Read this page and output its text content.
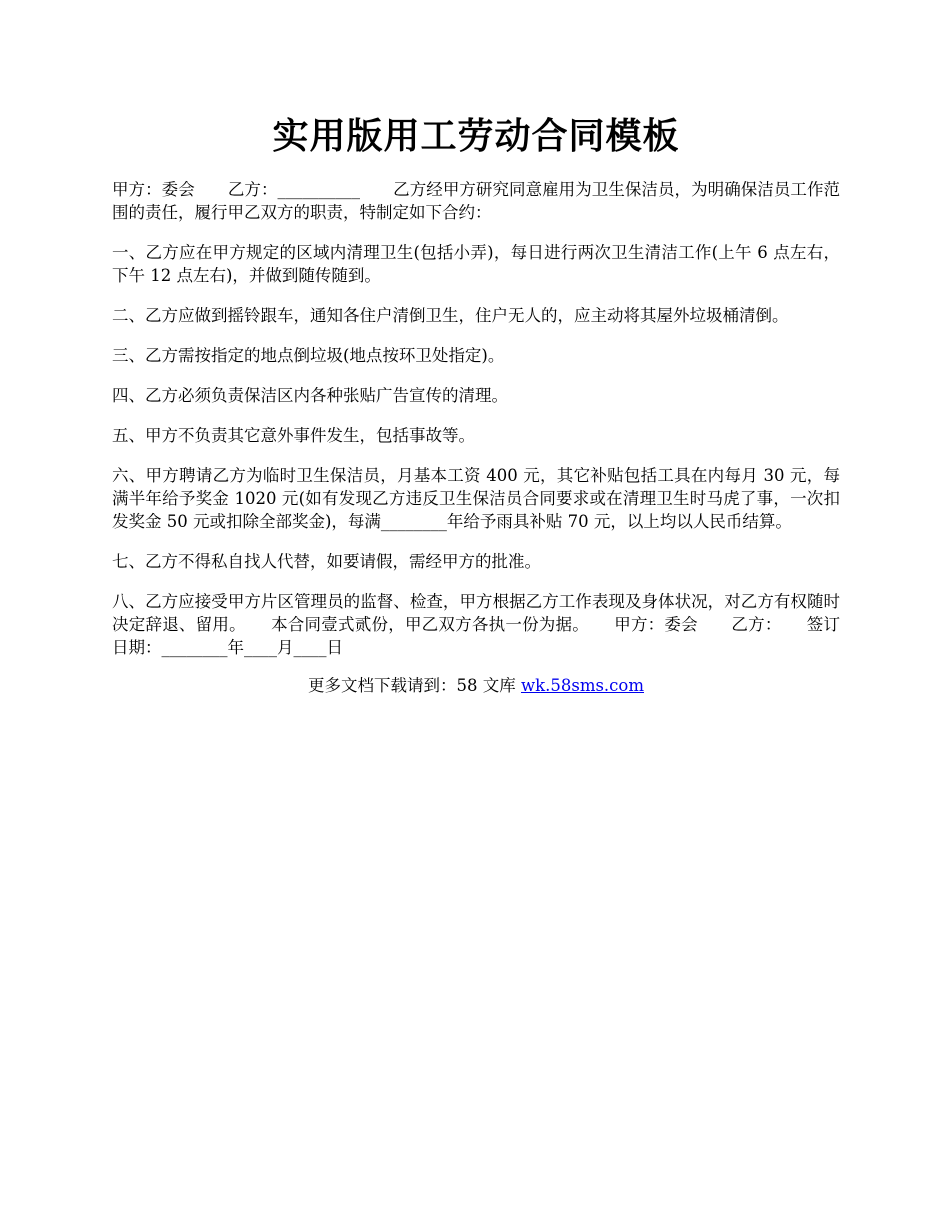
实用版用工劳动合同模板

甲方：委会　　乙方：__________　　乙方经甲方研究同意雇用为卫生保洁员，为明确保洁员工作范围的责任，履行甲乙双方的职责，特制定如下合约：

一、乙方应在甲方规定的区域内清理卫生(包括小弄)，每日进行两次卫生清洁工作(上午 6 点左右，下午 12 点左右)，并做到随传随到。

二、乙方应做到摇铃跟车，通知各住户清倒卫生，住户无人的，应主动将其屋外垃圾桶清倒。

三、乙方需按指定的地点倒垃圾(地点按环卫处指定)。

四、乙方必须负责保洁区内各种张贴广告宣传的清理。

五、甲方不负责其它意外事件发生，包括事故等。

六、甲方聘请乙方为临时卫生保洁员，月基本工资 400 元，其它补贴包括工具在内每月 30 元，每满半年给予奖金 1020 元(如有发现乙方违反卫生保洁员合同要求或在清理卫生时马虎了事，一次扣发奖金 50 元或扣除全部奖金)，每满________年给予雨具补贴 70 元，以上均以人民币结算。

七、乙方不得私自找人代替，如要请假，需经甲方的批准。

八、乙方应接受甲方片区管理员的监督、检查，甲方根据乙方工作表现及身体状况，对乙方有权随时决定辞退、留用。　　本合同壹式贰份，甲乙双方各执一份为据。　　甲方：委会　　乙方：　　签订日期：________年____月____日

更多文档下载请到：58 文库 wk.58sms.com
